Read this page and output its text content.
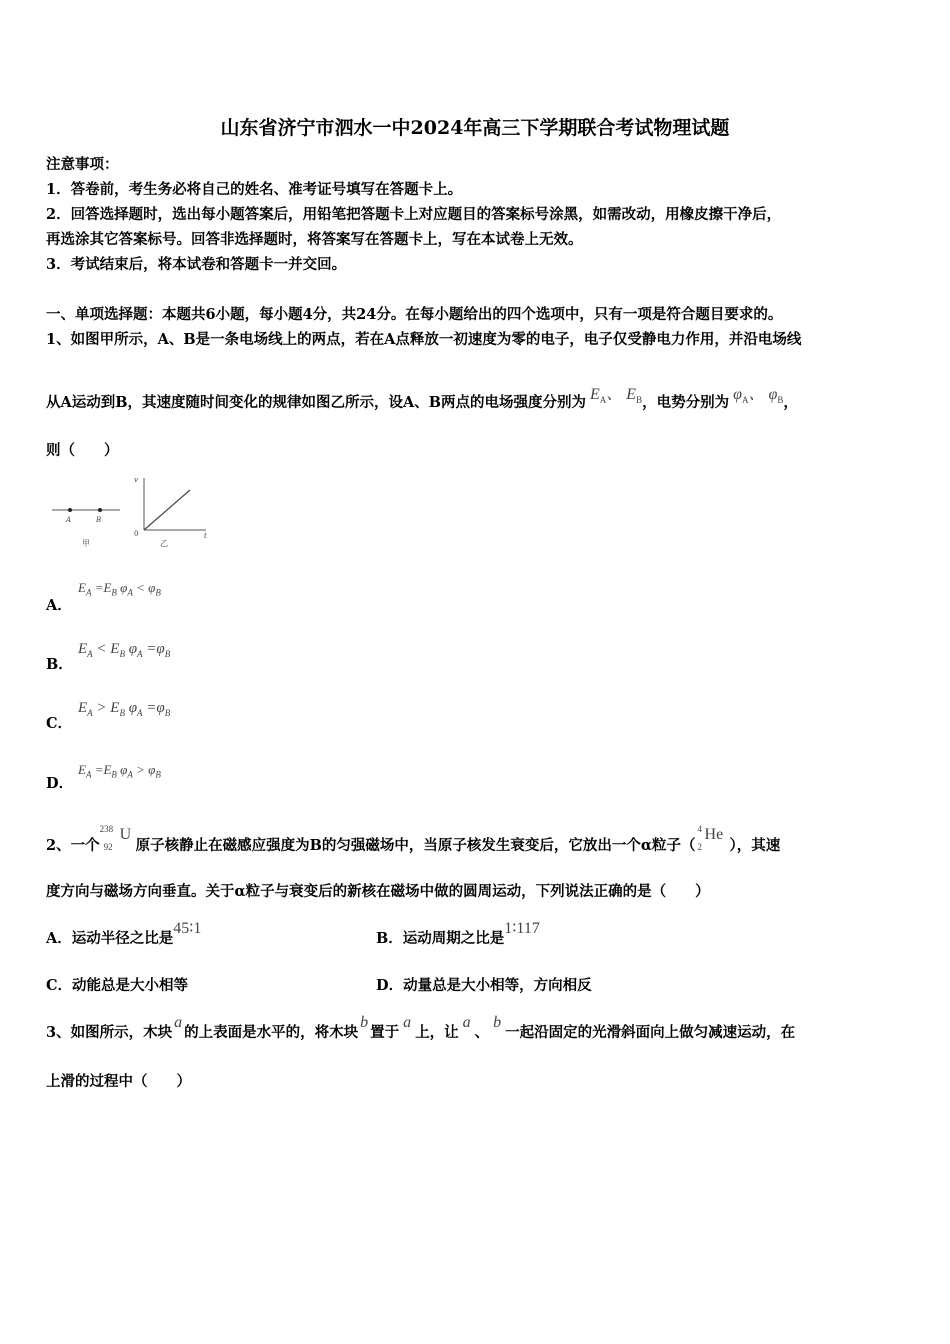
山东省济宁市泗水一中2024年高三下学期联合考试物理试题
注意事项：
1．答卷前，考生务必将自己的姓名、准考证号填写在答题卡上。
2．回答选择题时，选出每小题答案后，用铅笔把答题卡上对应题目的答案标号涂黑，如需改动，用橡皮擦干净后，
再选涂其它答案标号。回答非选择题时，将答案写在答题卡上，写在本试卷上无效。
3．考试结束后，将本试卷和答题卡一并交回。
一、单项选择题：本题共6小题，每小题4分，共24分。在每小题给出的四个选项中，只有一项是符合题目要求的。
1、如图甲所示，A、B是一条电场线上的两点，若在A点释放一初速度为零的电子，电子仅受静电力作用，并沿电场线
从A运动到B，其速度随时间变化的规律如图乙所示，设A、B两点的电场强度分别为 $E_A$、 $E_B$，电势分别为 $\varphi_A$、 $\varphi_B$，
则（　　）
A	B
甲
v
t
0
乙
A．
$E_A =E_B$ $\varphi_A < \varphi_B$
B．
$E_A < E_B$ $\varphi_A =\varphi_B$
C．
$E_A > E_B$ $\varphi_A =\varphi_B$
D．
$E_A =E_B$ $\varphi_A > \varphi_B$
2、一个
238
92
U
原子核静止在磁感应强度为B的匀强磁场中，当原子核发生衰变后，它放出一个α粒子（
4
2
He
），其速
度方向与磁场方向垂直。关于α粒子与衰变后的新核在磁场中做的圆周运动，下列说法正确的是（　　）
A．运动半径之比是45∶1
B．运动周期之比是1∶117
C．动能总是大小相等	D．动量总是大小相等，方向相反
3、如图所示，木块a的上表面是水平的，将木块b置于a上，让a、b一起沿固定的光滑斜面向上做匀减速运动，在
上滑的过程中（　　）
